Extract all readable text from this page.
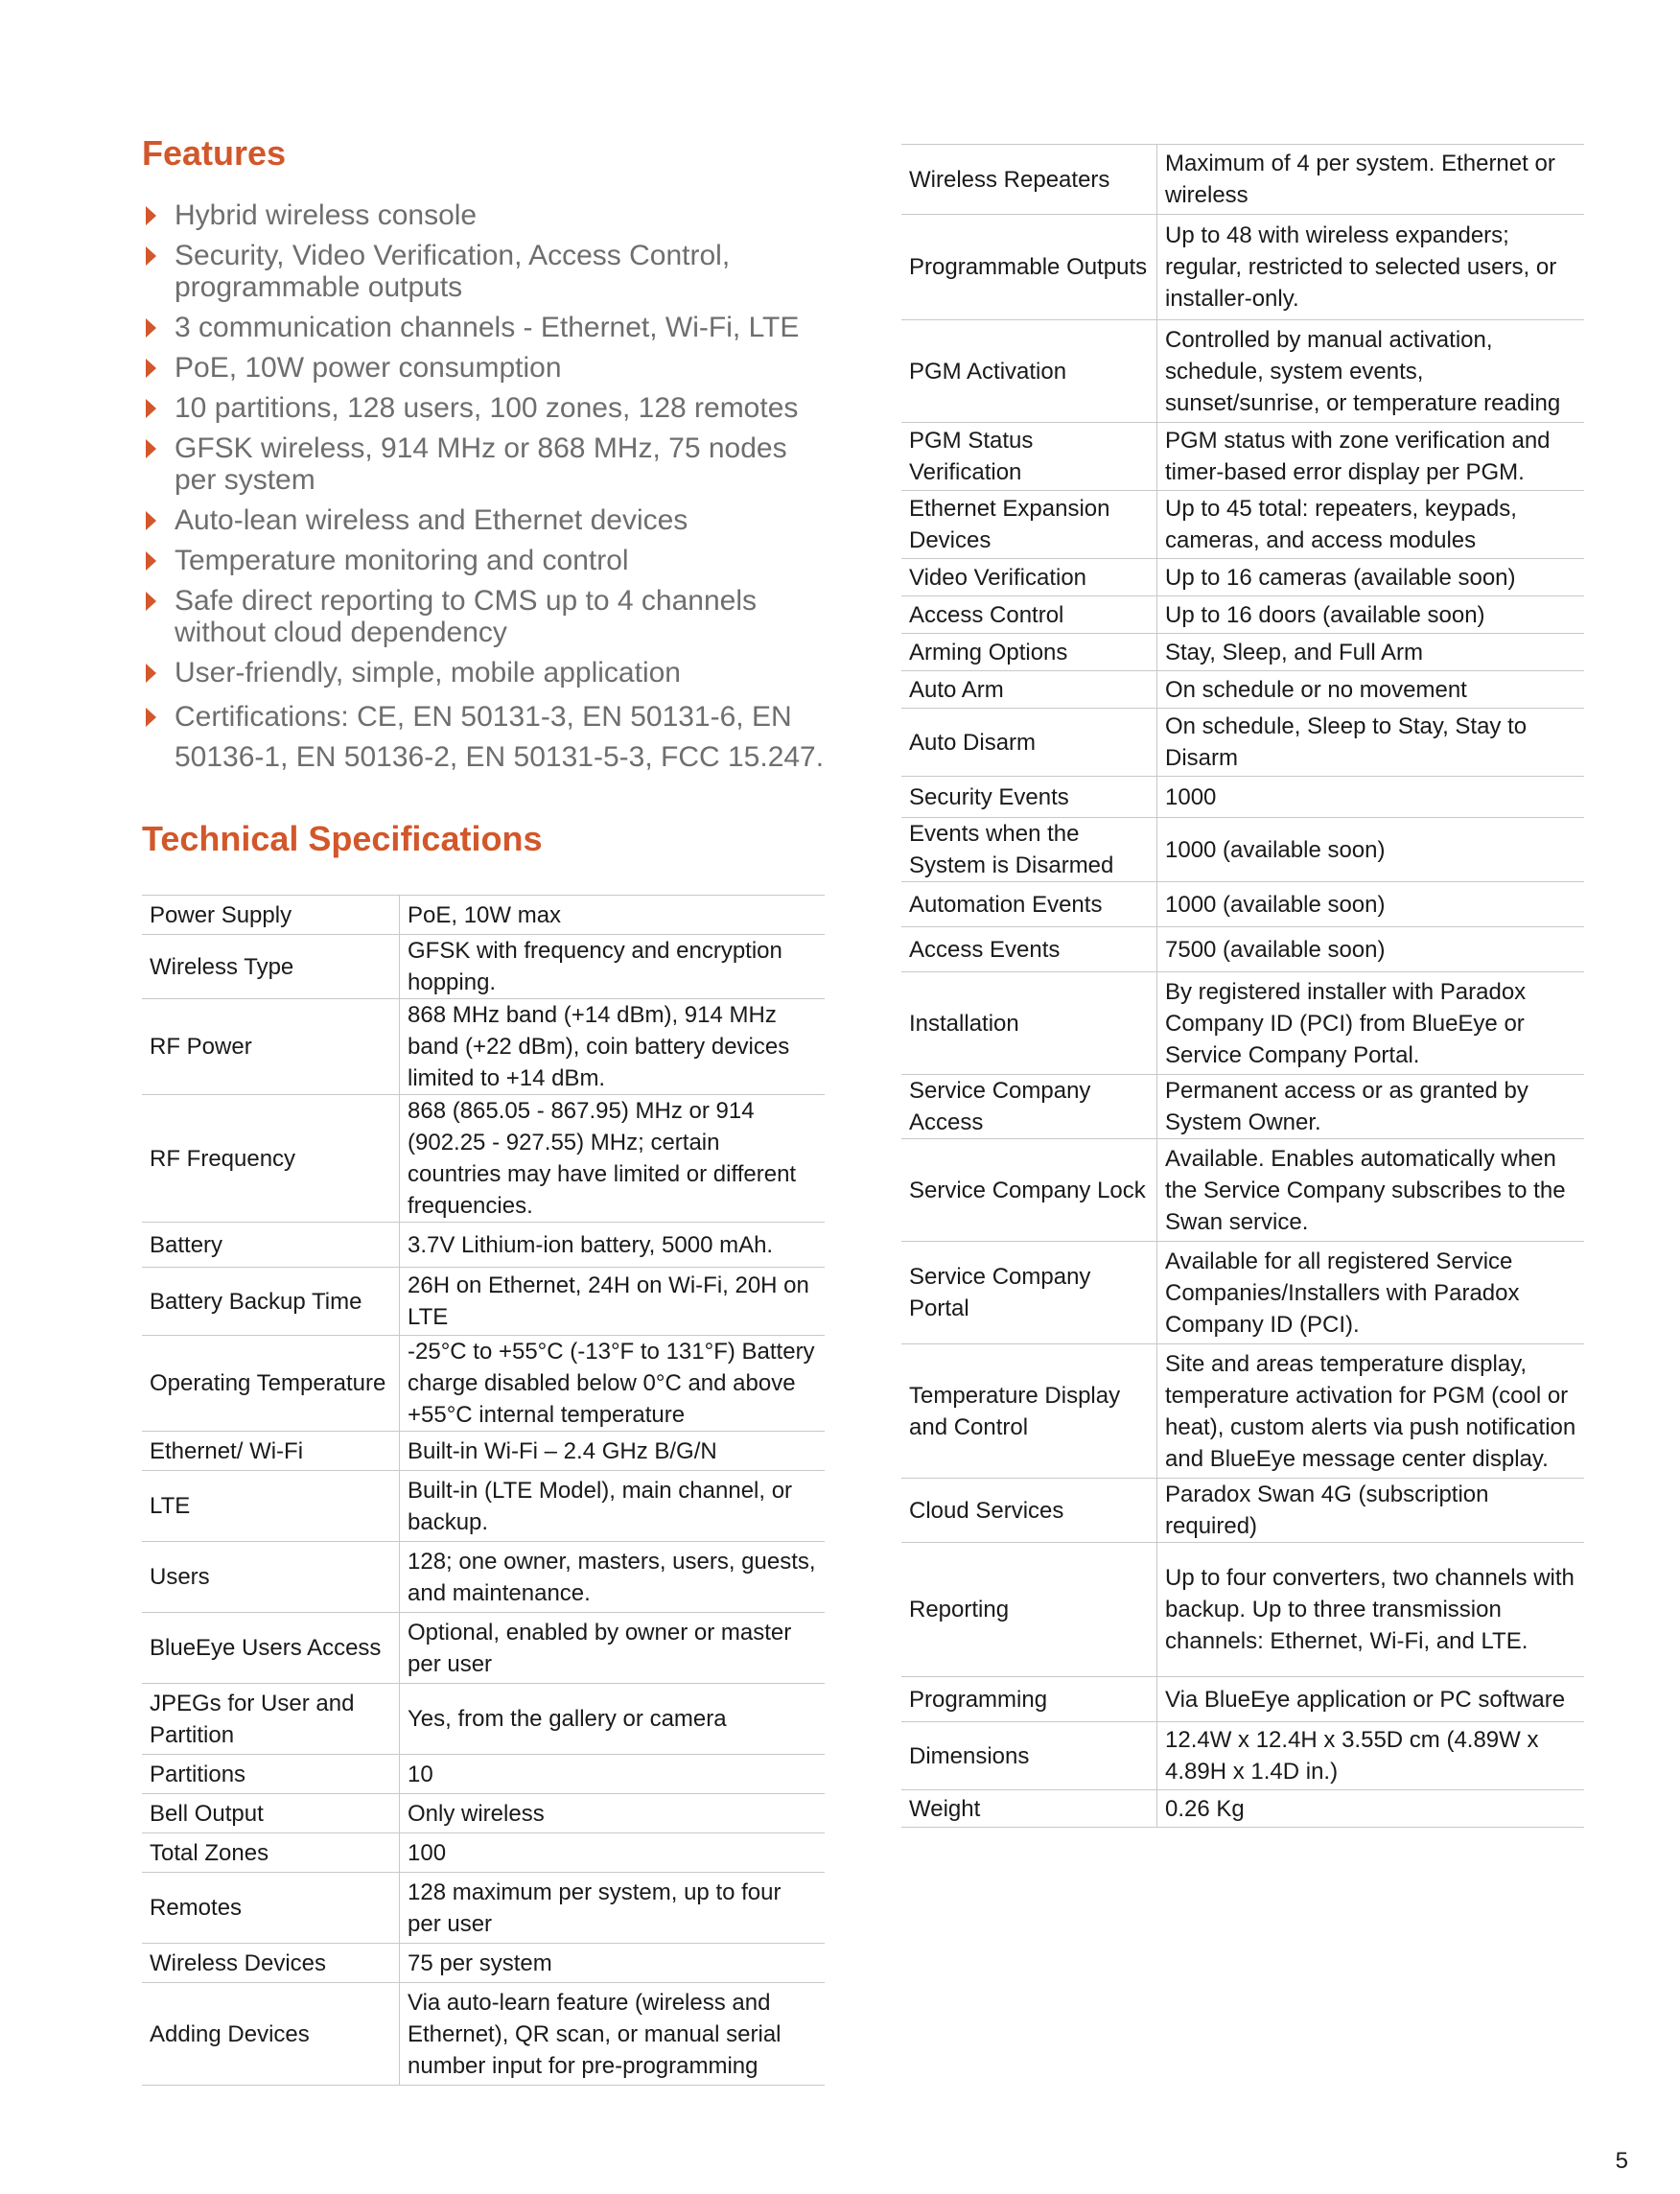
Features
Hybrid wireless console
Security, Video Verification, Access Control, programmable outputs
3 communication channels - Ethernet, Wi-Fi, LTE
PoE, 10W power consumption
10 partitions, 128 users, 100 zones, 128 remotes
GFSK wireless, 914 MHz or 868 MHz, 75 nodes per system
Auto-lean wireless and Ethernet devices
Temperature monitoring and control
Safe direct reporting to CMS up to 4 channels without cloud dependency
User-friendly, simple, mobile application
Certifications: CE, EN 50131-3, EN 50131-6, EN 50136-1, EN 50136-2, EN 50131-5-3, FCC 15.247.
Technical Specifications
Power Supply	PoE, 10W max
Wireless Type	GFSK with frequency and encryption hopping.
RF Power	868 MHz band (+14 dBm), 914 MHz band (+22 dBm), coin battery devices limited to +14 dBm.
RF Frequency	868 (865.05 - 867.95) MHz or 914 (902.25 - 927.55) MHz; certain countries may have limited or different frequencies.
Battery	3.7V Lithium-ion battery, 5000 mAh.
Battery Backup Time	26H on Ethernet, 24H on Wi-Fi, 20H on LTE
Operating Temperature	-25°C to +55°C (-13°F to 131°F) Battery charge disabled below 0°C and above +55°C internal temperature
Ethernet/ Wi-Fi	Built-in Wi-Fi – 2.4 GHz B/G/N
LTE	Built-in (LTE Model), main channel, or backup.
Users	128; one owner, masters, users, guests, and maintenance.
BlueEye Users Access	Optional, enabled by owner or master per user
JPEGs for User and Partition	Yes, from the gallery or camera
Partitions	10
Bell Output	Only wireless
Total Zones	100
Remotes	128 maximum per system, up to four per user
Wireless Devices	75 per system
Adding Devices	Via auto-learn feature (wireless and Ethernet), QR scan, or manual serial number input for pre-programming
Wireless Repeaters	Maximum of 4 per system. Ethernet or wireless
Programmable Outputs	Up to 48 with wireless expanders; regular, restricted to selected users, or installer-only.
PGM Activation	Controlled by manual activation, schedule, system events, sunset/sunrise, or temperature reading
PGM Status Verification	PGM status with zone verification and timer-based error display per PGM.
Ethernet Expansion Devices	Up to 45 total: repeaters, keypads, cameras, and access modules
Video Verification	Up to 16 cameras (available soon)
Access Control	Up to 16 doors (available soon)
Arming Options	Stay, Sleep, and Full Arm
Auto Arm	On schedule or no movement
Auto Disarm	On schedule, Sleep to Stay, Stay to Disarm
Security Events	1000
Events when the System is Disarmed	1000 (available soon)
Automation Events	1000 (available soon)
Access Events	7500 (available soon)
Installation	By registered installer with Paradox Company ID (PCI) from BlueEye or Service Company Portal.
Service Company Access	Permanent access or as granted by System Owner.
Service Company Lock	Available. Enables automatically when the Service Company subscribes to the Swan service.
Service Company Portal	Available for all registered Service Companies/Installers with Paradox Company ID (PCI).
Temperature Display and Control	Site and areas temperature display, temperature activation for PGM (cool or heat), custom alerts via push notification and BlueEye message center display.
Cloud Services	Paradox Swan 4G (subscription required)
Reporting	Up to four converters, two channels with backup. Up to three transmission channels: Ethernet, Wi-Fi, and LTE.
Programming	Via BlueEye application or PC software
Dimensions	12.4W x 12.4H x 3.55D cm (4.89W x 4.89H x 1.4D in.)
Weight	0.26 Kg
5
